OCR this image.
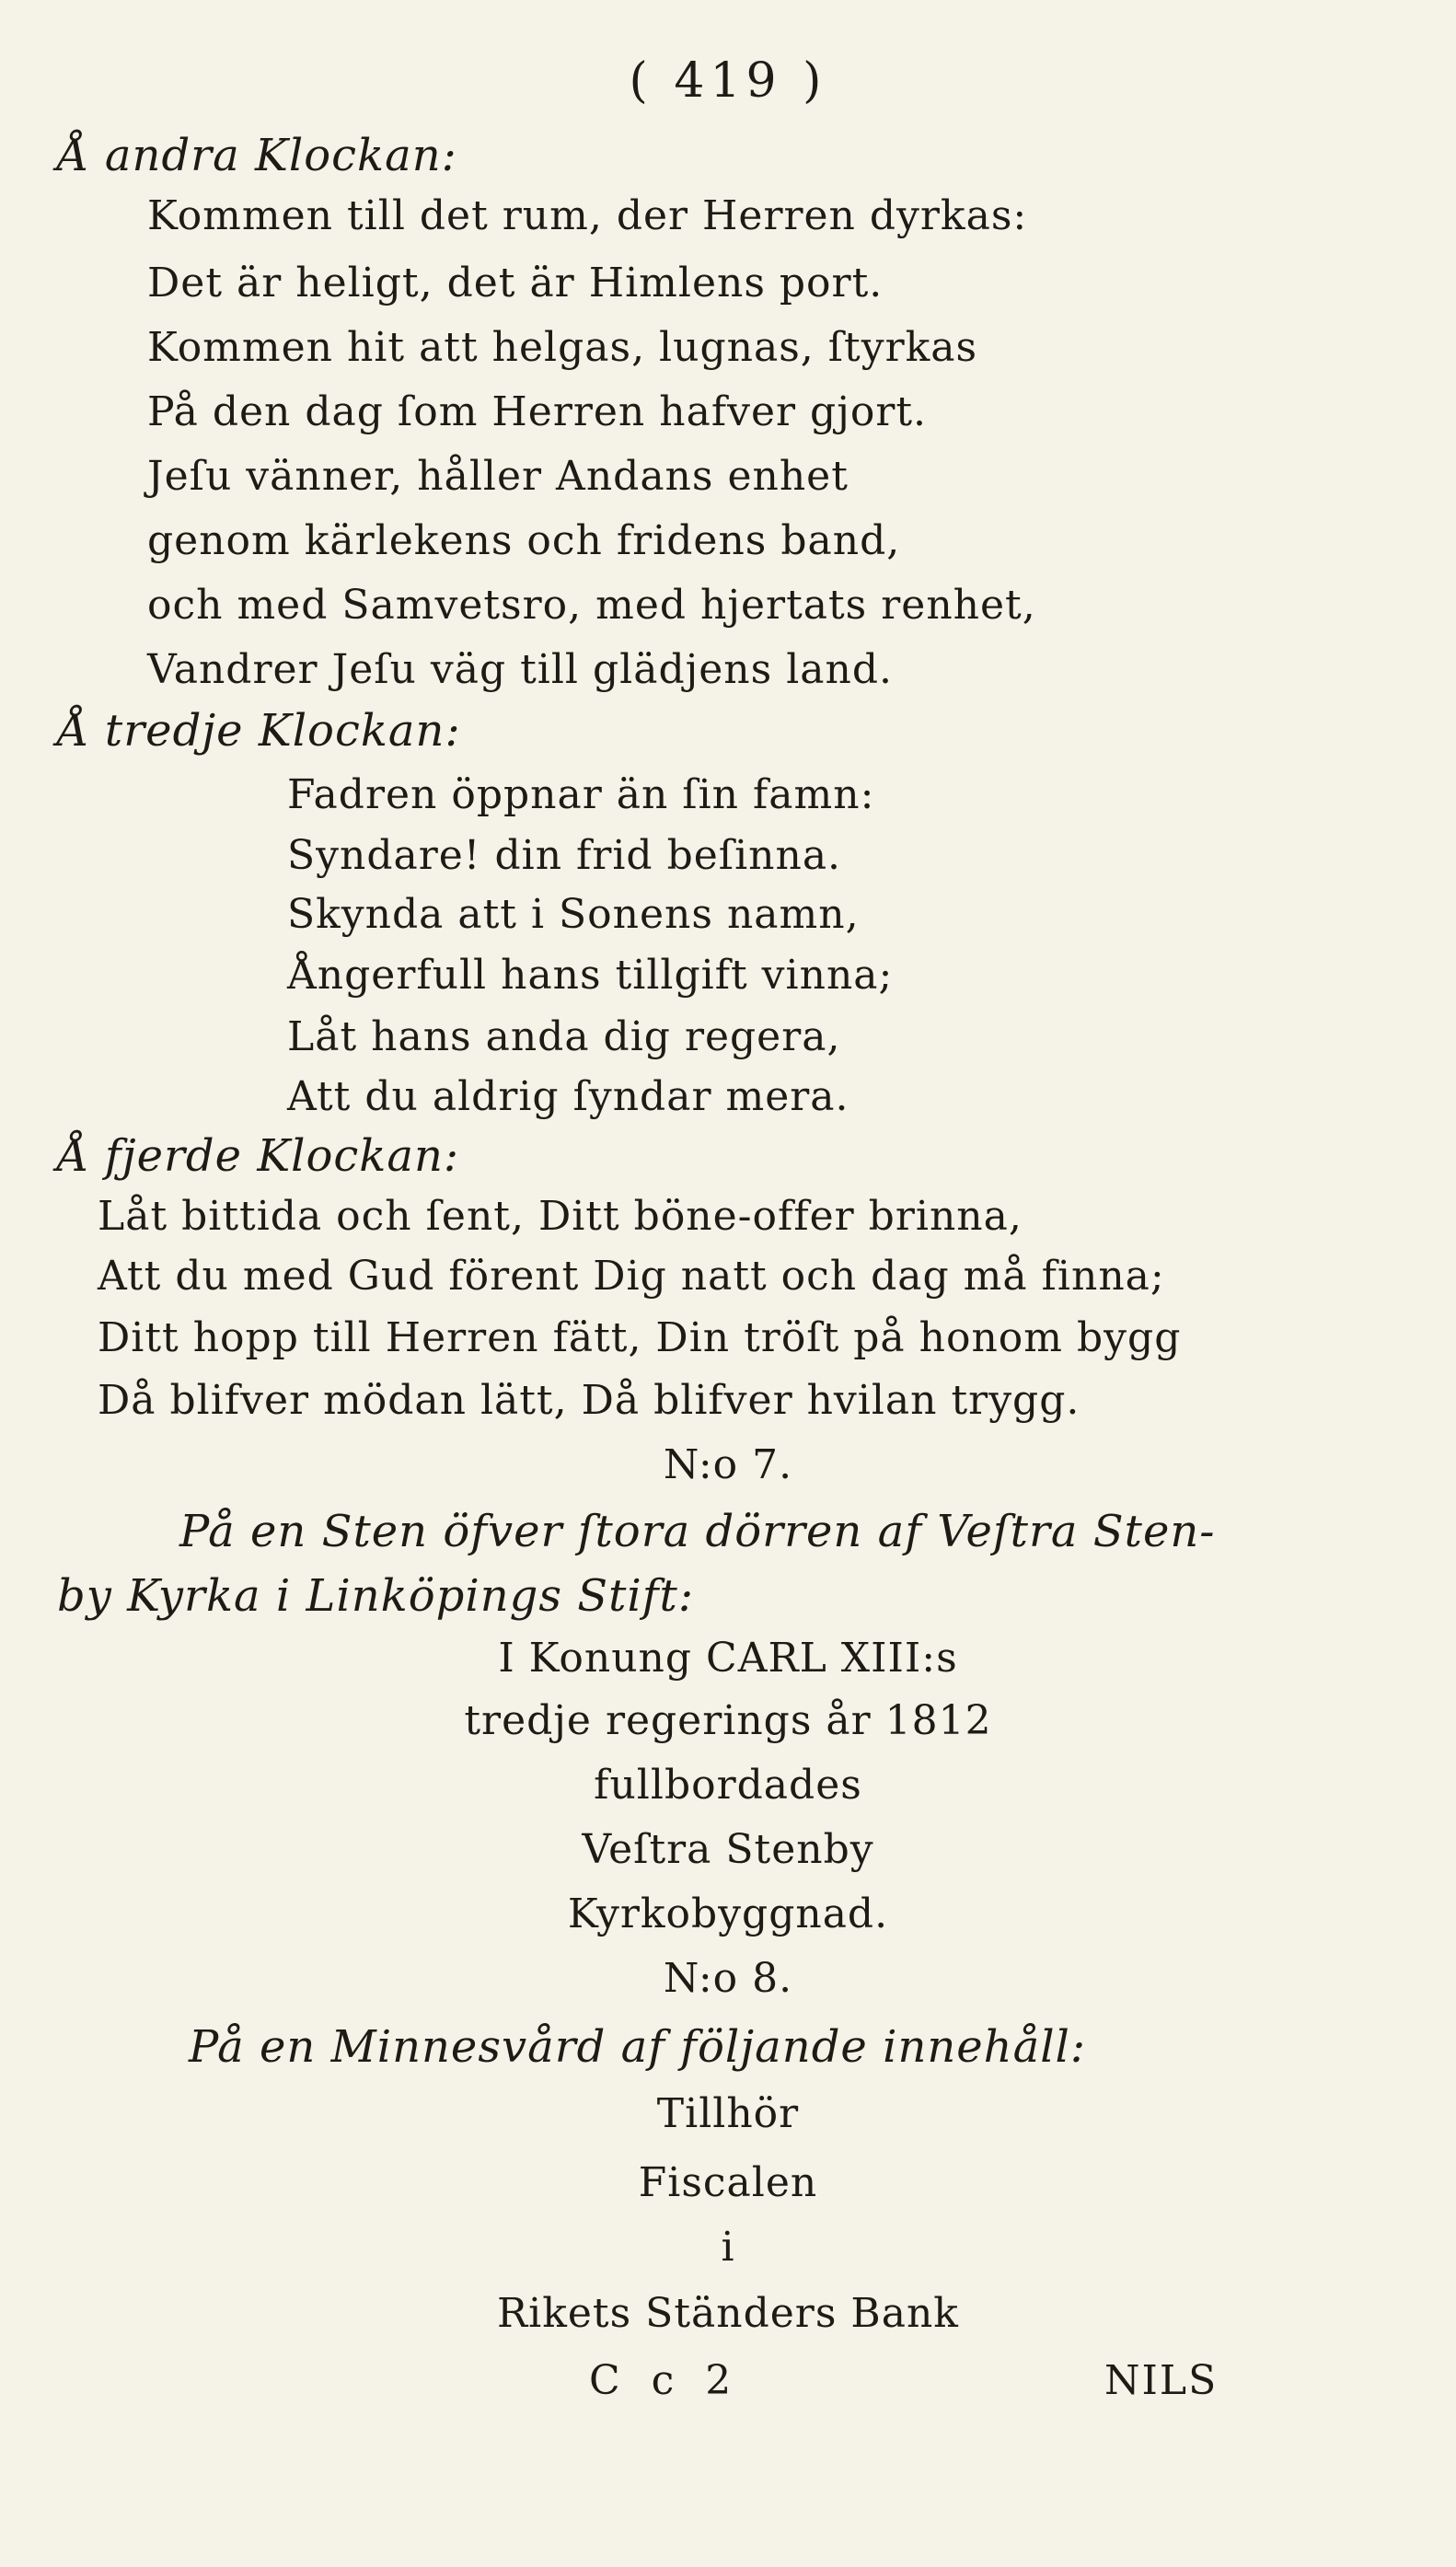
( 419 )
Å andra Klockan:
Kommen till det rum, der Herren dyrkas:
Det är heligt, det är Himlens port.
Kommen hit att helgas, lugnas, ſtyrkas
På den dag ſom Herren hafver gjort.
Jeſu vänner, håller Andans enhet
genom kärlekens och fridens band,
och med Samvetsro, med hjertats renhet,
Vandrer Jeſu väg till glädjens land.
Å tredje Klockan:
Fadren öppnar än ſin famn:
Syndare! din frid beſinna.
Skynda att i Sonens namn,
Ångerfull hans tillgift vinna;
Låt hans anda dig regera,
Att du aldrig ſyndar mera.
Å fjerde Klockan:
Låt bittida och ſent, Ditt böne-offer brinna,
Att du med Gud förent Dig natt och dag må finna;
Ditt hopp till Herren fätt, Din tröſt på honom bygg
Då blifver mödan lätt, Då blifver hvilan trygg.
N:o 7.
På en Sten öfver ſtora dörren af Veſtra Sten-
by Kyrka i Linköpings Stift:
I Konung CARL XIII:s
tredje regerings år 1812
fullbordades
Veſtra Stenby
Kyrkobyggnad.
N:o 8.
På en Minnesvård af följande innehåll:
Tillhör
Fiscalen
i
Rikets Ständers Bank
C c 2	NILS
